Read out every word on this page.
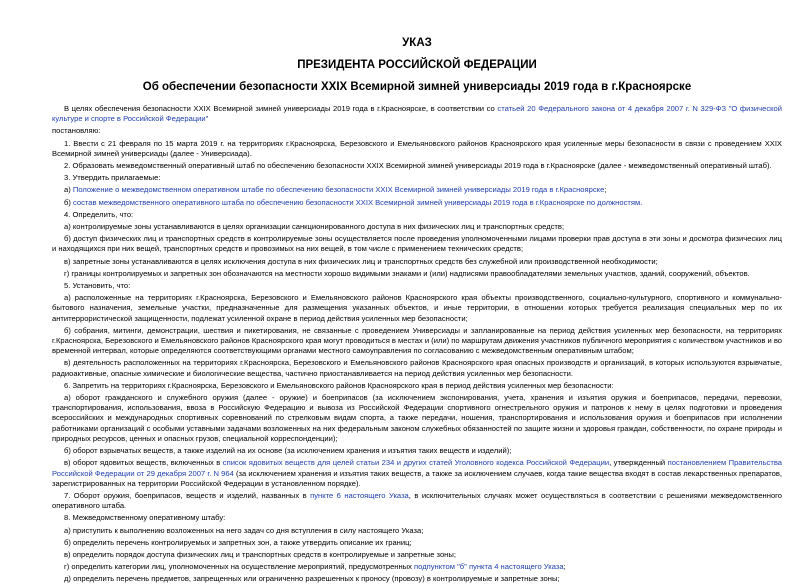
УКАЗ
ПРЕЗИДЕНТА РОССИЙСКОЙ ФЕДЕРАЦИИ
Об обеспечении безопасности XXIX Всемирной зимней универсиады 2019 года в г.Красноярске

В целях обеспечения безопасности XXIX Всемирной зимней универсиады 2019 года в г.Красноярске, в соответствии со статьей 20 Федерального закона от 4 декабря 2007 г. N 329-ФЗ "О физической культуре и спорте в Российской Федерации"

постановляю:

1. Ввести с 21 февраля по 15 марта 2019 г. на территориях г.Красноярска, Березовского и Емельяновского районов Красноярского края усиленные меры безопасности в связи с проведением XXIX Всемирной зимней универсиады (далее - Универсиада).

2. Образовать межведомственный оперативный штаб по обеспечению безопасности XXIX Всемирной зимней универсиады 2019 года в г.Красноярске (далее - межведомственный оперативный штаб).

3. Утвердить прилагаемые:

а) Положение о межведомственном оперативном штабе по обеспечению безопасности XXIX Всемирной зимней универсиады 2019 года в г.Красноярске;

б) состав межведомственного оперативного штаба по обеспечению безопасности XXIX Всемирной зимней универсиады 2019 года в г.Красноярске по должностям.

4. Определить, что:

а) контролируемые зоны устанавливаются в целях организации санкционированного доступа в них физических лиц и транспортных средств;

б) доступ физических лиц и транспортных средств в контролируемые зоны осуществляется после проведения уполномоченными лицами проверки прав доступа в эти зоны и досмотра физических лиц и находящихся при них вещей, транспортных средств и провозимых на них вещей, в том числе с применением технических средств;

в) запретные зоны устанавливаются в целях исключения доступа в них физических лиц и транспортных средств без служебной или производственной необходимости;

г) границы контролируемых и запретных зон обозначаются на местности хорошо видимыми знаками и (или) надписями правообладателями земельных участков, зданий, сооружений, объектов.

5. Установить, что:

а) расположенные на территориях г.Красноярска, Березовского и Емельяновского районов Красноярского края объекты производственного, социально-культурного, спортивного и коммунально-бытового назначения, земельные участки, предназначенные для размещения указанных объектов, и иные территории, в отношении которых требуется реализация специальных мер по их антитеррористической защищенности, подлежат усиленной охране в период действия усиленных мер безопасности;

б) собрания, митинги, демонстрации, шествия и пикетирования, не связанные с проведением Универсиады и запланированные на период действия усиленных мер безопасности, на территориях г.Красноярска, Березовского и Емельяновского районов Красноярского края могут проводиться в местах и (или) по маршрутам движения участников публичного мероприятия с количеством участников и во временной интервал, которые определяются соответствующими органами местного самоуправления по согласованию с межведомственным оперативным штабом;

в) деятельность расположенных на территориях г.Красноярска, Березовского и Емельяновского районов Красноярского края опасных производств и организаций, в которых используются взрывчатые, радиоактивные, опасные химические и биологические вещества, частично приостанавливается на период действия усиленных мер безопасности.

6. Запретить на территориях г.Красноярска, Березовского и Емельяновского районов Красноярского края в период действия усиленных мер безопасности:

а) оборот гражданского и служебного оружия (далее - оружие) и боеприпасов (за исключением экспонирования, учета, хранения и изъятия оружия и боеприпасов, передачи, перевозки, транспортирования, использования, ввоза в Российскую Федерацию и вывоза из Российской Федерации спортивного огнестрельного оружия и патронов к нему в целях подготовки и проведения всероссийских и международных спортивных соревнований по стрелковым видам спорта, а также передачи, ношения, транспортирования и использования оружия и боеприпасов при исполнении работниками организаций с особыми уставными задачами возложенных на них федеральным законом служебных обязанностей по защите жизни и здоровья граждан, собственности, по охране природы и природных ресурсов, ценных и опасных грузов, специальной корреспонденции);

б) оборот взрывчатых веществ, а также изделий на их основе (за исключением хранения и изъятия таких веществ и изделий);

в) оборот ядовитых веществ, включенных в список ядовитых веществ для целей статьи 234 и других статей Уголовного кодекса Российской Федерации, утвержденный постановлением Правительства Российской Федерации от 29 декабря 2007 г. N 964 (за исключением хранения и изъятия таких веществ, а также за исключением случаев, когда такие вещества входят в состав лекарственных препаратов, зарегистрированных на территории Российской Федерации в установленном порядке).

7. Оборот оружия, боеприпасов, веществ и изделий, названных в пункте 6 настоящего Указа, в исключительных случаях может осуществляться в соответствии с решениями межведомственного оперативного штаба.

8. Межведомственному оперативному штабу:

а) приступить к выполнению возложенных на него задач со дня вступления в силу настоящего Указа;

б) определить перечень контролируемых и запретных зон, а также утвердить описание их границ;

в) определить порядок доступа физических лиц и транспортных средств в контролируемые и запретные зоны;

г) определить категории лиц, уполномоченных на осуществление мероприятий, предусмотренных подпунктом "б" пункта 4 настоящего Указа;

д) определить перечень предметов, запрещенных или ограниченно разрешенных к проносу (провозу) в контролируемые и запретные зоны;
